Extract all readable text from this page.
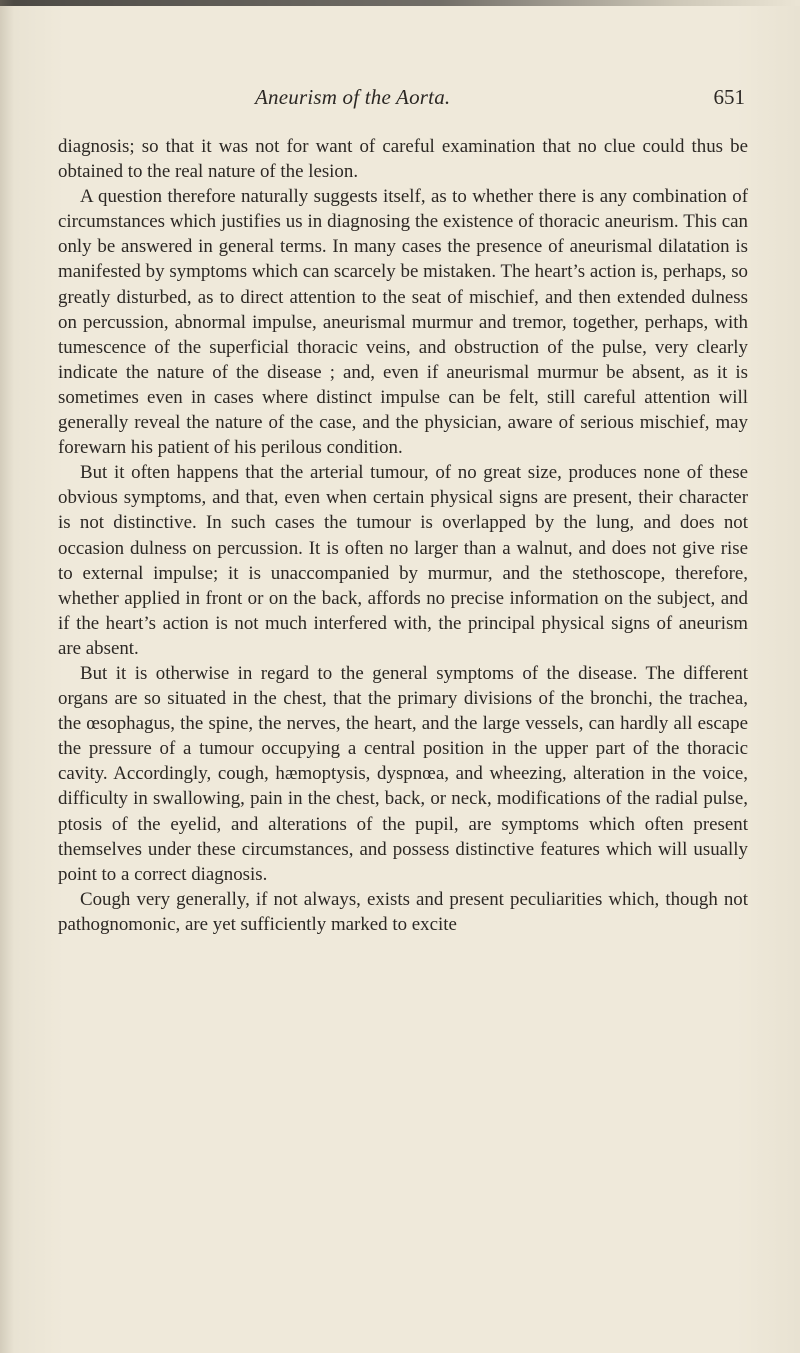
Aneurism of the Aorta.	651

diagnosis; so that it was not for want of careful examination that no clue could thus be obtained to the real nature of the lesion.

A question therefore naturally suggests itself, as to whether there is any combination of circumstances which justifies us in diagnosing the existence of thoracic aneurism. This can only be answered in general terms. In many cases the presence of aneurismal dilatation is manifested by symptoms which can scarcely be mistaken. The heart’s action is, perhaps, so greatly disturbed, as to direct attention to the seat of mischief, and then extended dulness on percussion, abnormal impulse, aneurismal murmur and tremor, together, perhaps, with tumescence of the superficial thoracic veins, and obstruction of the pulse, very clearly indicate the nature of the disease ; and, even if aneurismal murmur be absent, as it is sometimes even in cases where distinct impulse can be felt, still careful attention will generally reveal the nature of the case, and the physician, aware of serious mischief, may forewarn his patient of his perilous condition.

But it often happens that the arterial tumour, of no great size, produces none of these obvious symptoms, and that, even when certain physical signs are present, their character is not distinctive. In such cases the tumour is overlapped by the lung, and does not occasion dulness on percussion. It is often no larger than a walnut, and does not give rise to external impulse; it is unaccompanied by murmur, and the stethoscope, therefore, whether applied in front or on the back, affords no precise information on the subject, and if the heart’s action is not much interfered with, the principal physical signs of aneurism are absent.

But it is otherwise in regard to the general symptoms of the disease. The different organs are so situated in the chest, that the primary divisions of the bronchi, the trachea, the œsophagus, the spine, the nerves, the heart, and the large vessels, can hardly all escape the pressure of a tumour occupying a central position in the upper part of the thoracic cavity. Accordingly, cough, hæmoptysis, dyspnœa, and wheezing, alteration in the voice, difficulty in swallowing, pain in the chest, back, or neck, modifications of the radial pulse, ptosis of the eyelid, and alterations of the pupil, are symptoms which often present themselves under these circumstances, and possess distinctive features which will usually point to a correct diagnosis.

Cough very generally, if not always, exists and present peculiarities which, though not pathognomonic, are yet sufficiently marked to excite
